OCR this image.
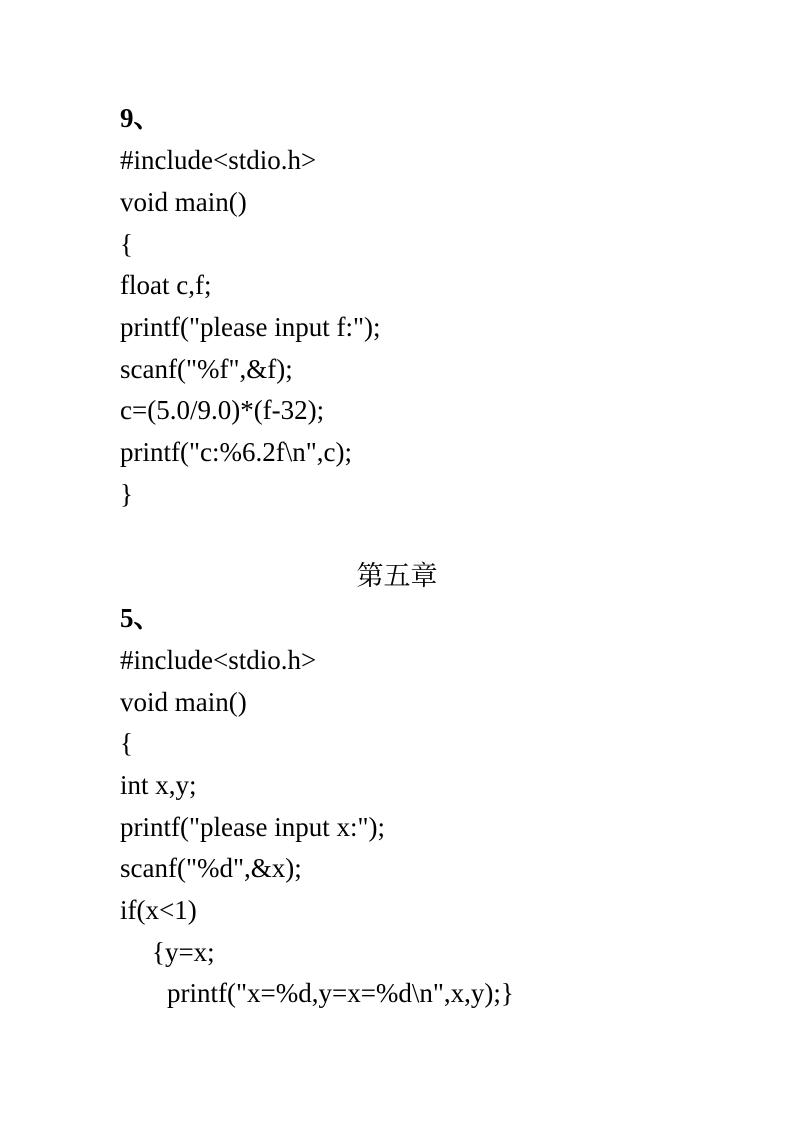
9、
#include<stdio.h>
void main()
{
float c,f;
printf("please input f:");
scanf("%f",&f);
c=(5.0/9.0)*(f-32);
printf("c:%6.2f\n",c);
}
第五章
5、
#include<stdio.h>
void main()
{
int x,y;
printf("please input x:");
scanf("%d",&x);
if(x<1)
{y=x;
printf("x=%d,y=x=%d\n",x,y);}
